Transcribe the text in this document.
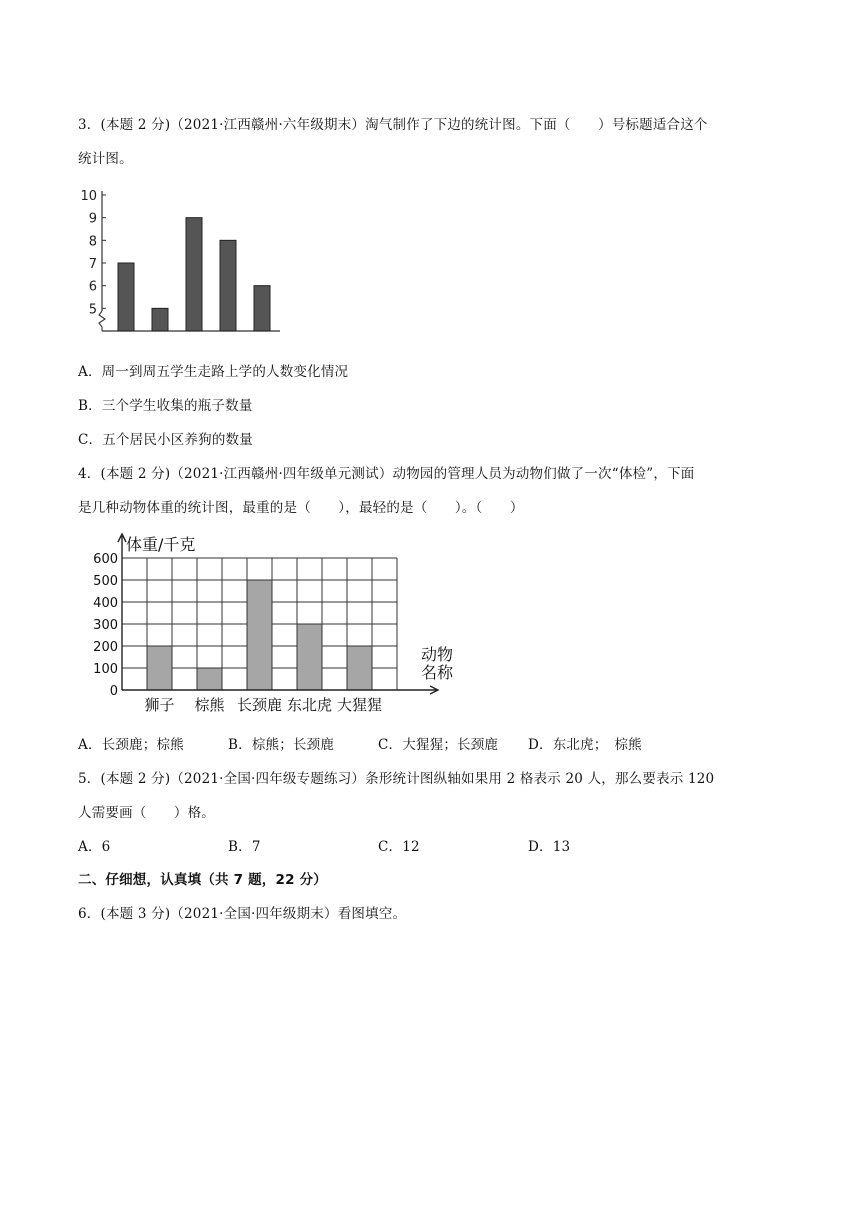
3．(本题 2 分)（2021·江西赣州·六年级期末）淘气制作了下边的统计图。下面（　　）号标题适合这个
统计图。
5
6
7
8
9
10
A．周一到周五学生走路上学的人数变化情况
B．三个学生收集的瓶子数量
C．五个居民小区养狗的数量
4．(本题 2 分)（2021·江西赣州·四年级单元测试）动物园的管理人员为动物们做了一次“体检”，下面
是几种动物体重的统计图，最重的是（　　），最轻的是（　　）。（　　）
0
100
200
300
400
500
600
体重/千克
动物
名称
狮子 棕熊 长颈鹿 东北虎 大猩猩
A．长颈鹿；棕熊	B．棕熊；长颈鹿	C．大猩猩；长颈鹿 D．东北虎；　棕熊
5．(本题 2 分)（2021·全国·四年级专题练习）条形统计图纵轴如果用 2 格表示 20 人，那么要表示 120
人需要画（　　）格。
A．6	B．7	C．12	D．13
二、仔细想，认真填（共 7 题，22 分）
6．(本题 3 分)（2021·全国·四年级期末）看图填空。
